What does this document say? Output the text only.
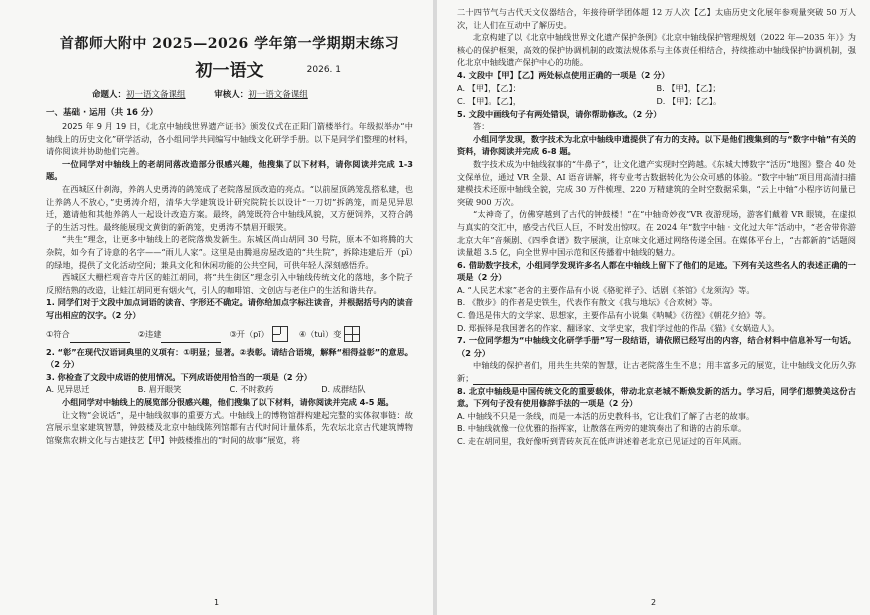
首都师大附中 2025—2026 学年第一学期期末练习
初一语文	2026. 1
命题人：初一语文备课组	审核人：初一语文备课组
一、基础 · 运用（共 16 分）

2025 年 9 月 19 日，《北京中轴线世界遗产证书》颁发仪式在正阳门箭楼举行。年级拟举办“中轴线上的历史文化”研学活动，各小组同学共同编写中轴线文化研学手册。以下是同学们整理的材料，请你阅读并协助他们完善。

一位同学对中轴线上的老胡同落改造部分很感兴趣，他搜集了以下材料，请你阅读并完成 1-3 题。

在西城区什刹海，养鸽人史勇涛的鸽笼成了老院落屋顶改造的亮点。“以前屋顶鸽笼乱搭私建，也让养鸽人不放心，”史勇涛介绍，清华大学建筑设计研究院院长以设计“一刀切”拆鸽笼，而是见异思迁，邀请他和其他养鸽人一起设计改造方案。最终，鸽笼既符合中轴线风貌，又方便饲养，又符合鸽子的生活习性。最终能展现文黄街的新鸽笼，史勇涛不禁眉开眼笑。

“共生”理念，让更多中轴线上的老院落焕发新生。东城区尚山胡同 30 号院，原本不如将腾的大杂院，如今有了诗意的名字——“雨儿人家”。这里是由腾退房屋改造的“共生院”，拆除违建后开（pī）的绿地，提供了文化活动空间；兼具文化和休闲功能的公共空间，可供年轻人深刻感悟乔。

西城区大栅栏观音寺片区的蛙江胡同，将“共生街区”理念引入中轴线传统文化的落地，多个院子反照结熟的改造，让蛙江胡同更有烟火气，引人的咖啡馆、文创店与老住户的生活和谐共存。

1. 同学们对于文段中加点词语的读音、字形还不确定。请你给加点字标注读音，并根据括号内的读音写出相应的汉字。（2 分）

①符合	②违建	③开（pī）	④（tuì）变

2. “彰”在现代汉语词典里的义项有：①明显；显著。②表彰。请结合语境，解释“相得益彰”的意思。（2 分）

3. 你检查了文段中成语的使用情况。下列成语使用恰当的一项是（2 分）

A. 见异思迁	B. 眉开眼笑	C. 不时救药	D. 成群结队

小组同学对中轴线上的展览部分很感兴趣，他们搜集了以下材料，请你阅读并完成 4-5 题。

让文物“会说话”，是中轴线叙事的重要方式。中轴线上的博物馆群构建起完整的实体叙事链：故宫展示皇家建筑智慧，钟鼓楼及北京中轴线陈列馆都有古代时间计量体系，先农坛北京古代建筑博物馆聚焦农耕文化与古建技艺【甲】钟鼓楼推出的“时间的故事”展览，将

1

二十四节气与古代天文仪器结合，年接待研学团体超 12 万人次【乙】太庙历史文化展年参观量突破 50 万人次，让人们在互动中了解历史。

北京构建了以《北京中轴线世界文化遗产保护条例》《北京中轴线保护管理规划（2022 年—2035 年）》为核心的保护框架，高效的保护协调机制的政策法规体系与主体责任相结合，持续推动中轴线保护协调机制，强化北京中轴线遗产保护中心的功能。

4. 文段中【甲】【乙】两处标点使用正确的一项是（2 分）

A. 【甲】，【乙】：	B. 【甲】，【乙】；
C. 【甲】。【乙】，	D. 【甲】；【乙】。

5. 文段中画线句子有两处错误，请你帮助修改。（2 分）

答：

小组同学发现，数字技术为北京中轴线申遗提供了有力的支持。以下是他们搜集到的与“数字中轴”有关的资料，请你阅读并完成 6-8 题。

数字技术成为中轴线叙事的“牛鼻子”，让文化遗产实现时空跨越。《东城大博数字“活历”地图》整合 40 处文保单位，通过 VR 全景、AI 语音讲解，将专业考古数据转化为公众可感的体验。“数字中轴”项目用高清扫描建模技术还原中轴线全貌，完成 30 万件梳理、220 万精建筑的全时空数据采集，“云上中轴”小程序访问量已突破 900 万次。

“太神奇了，仿佛穿越到了古代的钟鼓楼！”在“中轴奇妙夜”VR 夜游现场，游客们戴着 VR 眼镜，在虚拟与真实的交汇中，感受古代巨人巨，不时发出惊叹。在 2024 年“数字中轴 · 文化过大年”活动中，“老舍带你游北京大年”音频剧、《四季食谱》数字展演，让京味文化通过网络传递全国。在媒体平台上，“古都新韵”话题阅读量超 3.5 亿，向全世界中国示范和区传播着中轴线的魅力。

6. 借助数字技术，小组同学发现许多名人都在中轴线上留下了他们的足迹。下列有关这些名人的表述正确的一项是（2 分）

A. “人民艺术家”老舍的主要作品有小说《骆驼祥子》、话剧《茶馆》《龙须沟》等。

B. 《散步》的作者是史铁生，代表作有散文《我与地坛》《合欢树》等。

C. 鲁迅是伟大的文学家、思想家，主要作品有小说集《呐喊》《彷徨》《朝花夕拾》等。

D. 郑振铎是我国著名的作家、翻译家、文学史家，我们学过他的作品《猫》《女娲造人》。

7. 一位同学想为“中轴线文化研学手册”写一段结语，请依照已经写出的内容，结合材料中信息补写一句话。（2 分）

中轴线的保护者们，用共生共荣的智慧，让古老院落生生不息；用丰富多元的展览，让中轴线文化历久弥新；

8. 北京中轴线是中国传统文化的重要载体，带动北京老城不断焕发新的活力。学习后，同学们想赞美这份古意。下列句子没有使用修辞手法的一项是（2 分）

A. 中轴线不只是一条线，而是一本活的历史教科书，它让我们了解了古老的故事。

B. 中轴线就像一位优雅的指挥家，让散落在两旁的建筑奏出了和谐的古韵乐章。

C. 走在胡同里，我好像听到青砖灰瓦在低声讲述着老北京已见证过的百年风雨。

2
